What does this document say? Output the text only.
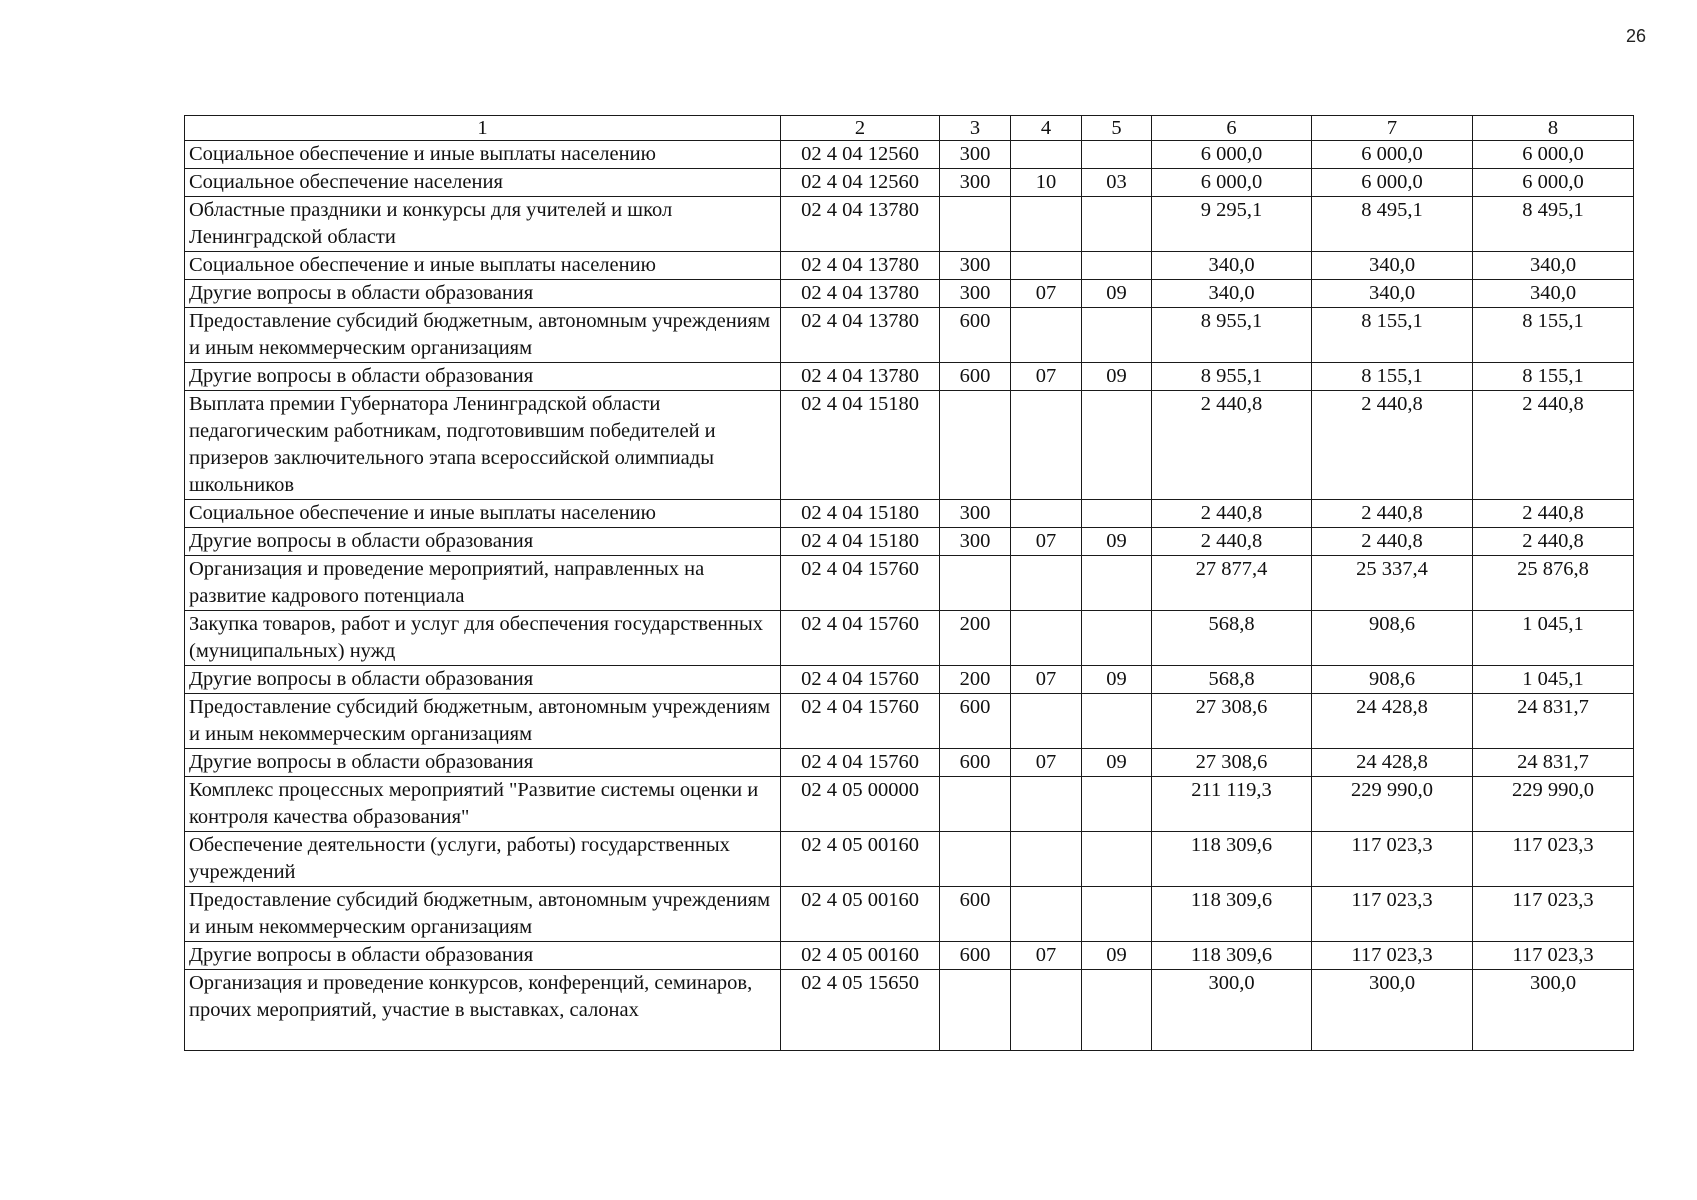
26
1	2	3	4	5	6	7	8
Социальное обеспечение и иные выплаты населению	02 4 04 12560	300			6 000,0	6 000,0	6 000,0
Социальное обеспечение населения	02 4 04 12560	300	10	03	6 000,0	6 000,0	6 000,0
Областные праздники и конкурсы для учителей и школ Ленинградской области	02 4 04 13780				9 295,1	8 495,1	8 495,1
Социальное обеспечение и иные выплаты населению	02 4 04 13780	300			340,0	340,0	340,0
Другие вопросы в области образования	02 4 04 13780	300	07	09	340,0	340,0	340,0
Предоставление субсидий бюджетным, автономным учреждениям и иным некоммерческим организациям	02 4 04 13780	600			8 955,1	8 155,1	8 155,1
Другие вопросы в области образования	02 4 04 13780	600	07	09	8 955,1	8 155,1	8 155,1
Выплата премии Губернатора Ленинградской области педагогическим работникам, подготовившим победителей и призеров заключительного этапа всероссийской олимпиады школьников	02 4 04 15180				2 440,8	2 440,8	2 440,8
Социальное обеспечение и иные выплаты населению	02 4 04 15180	300			2 440,8	2 440,8	2 440,8
Другие вопросы в области образования	02 4 04 15180	300	07	09	2 440,8	2 440,8	2 440,8
Организация и проведение мероприятий, направленных на развитие кадрового потенциала	02 4 04 15760				27 877,4	25 337,4	25 876,8
Закупка товаров, работ и услуг для обеспечения государственных (муниципальных) нужд	02 4 04 15760	200			568,8	908,6	1 045,1
Другие вопросы в области образования	02 4 04 15760	200	07	09	568,8	908,6	1 045,1
Предоставление субсидий бюджетным, автономным учреждениям и иным некоммерческим организациям	02 4 04 15760	600			27 308,6	24 428,8	24 831,7
Другие вопросы в области образования	02 4 04 15760	600	07	09	27 308,6	24 428,8	24 831,7
Комплекс процессных мероприятий "Развитие системы оценки и контроля качества образования"	02 4 05 00000				211 119,3	229 990,0	229 990,0
Обеспечение деятельности (услуги, работы) государственных учреждений	02 4 05 00160				118 309,6	117 023,3	117 023,3
Предоставление субсидий бюджетным, автономным учреждениям и иным некоммерческим организациям	02 4 05 00160	600			118 309,6	117 023,3	117 023,3
Другие вопросы в области образования	02 4 05 00160	600	07	09	118 309,6	117 023,3	117 023,3
Организация и проведение конкурсов, конференций, семинаров, прочих мероприятий, участие в выставках, салонах	02 4 05 15650				300,0	300,0	300,0
